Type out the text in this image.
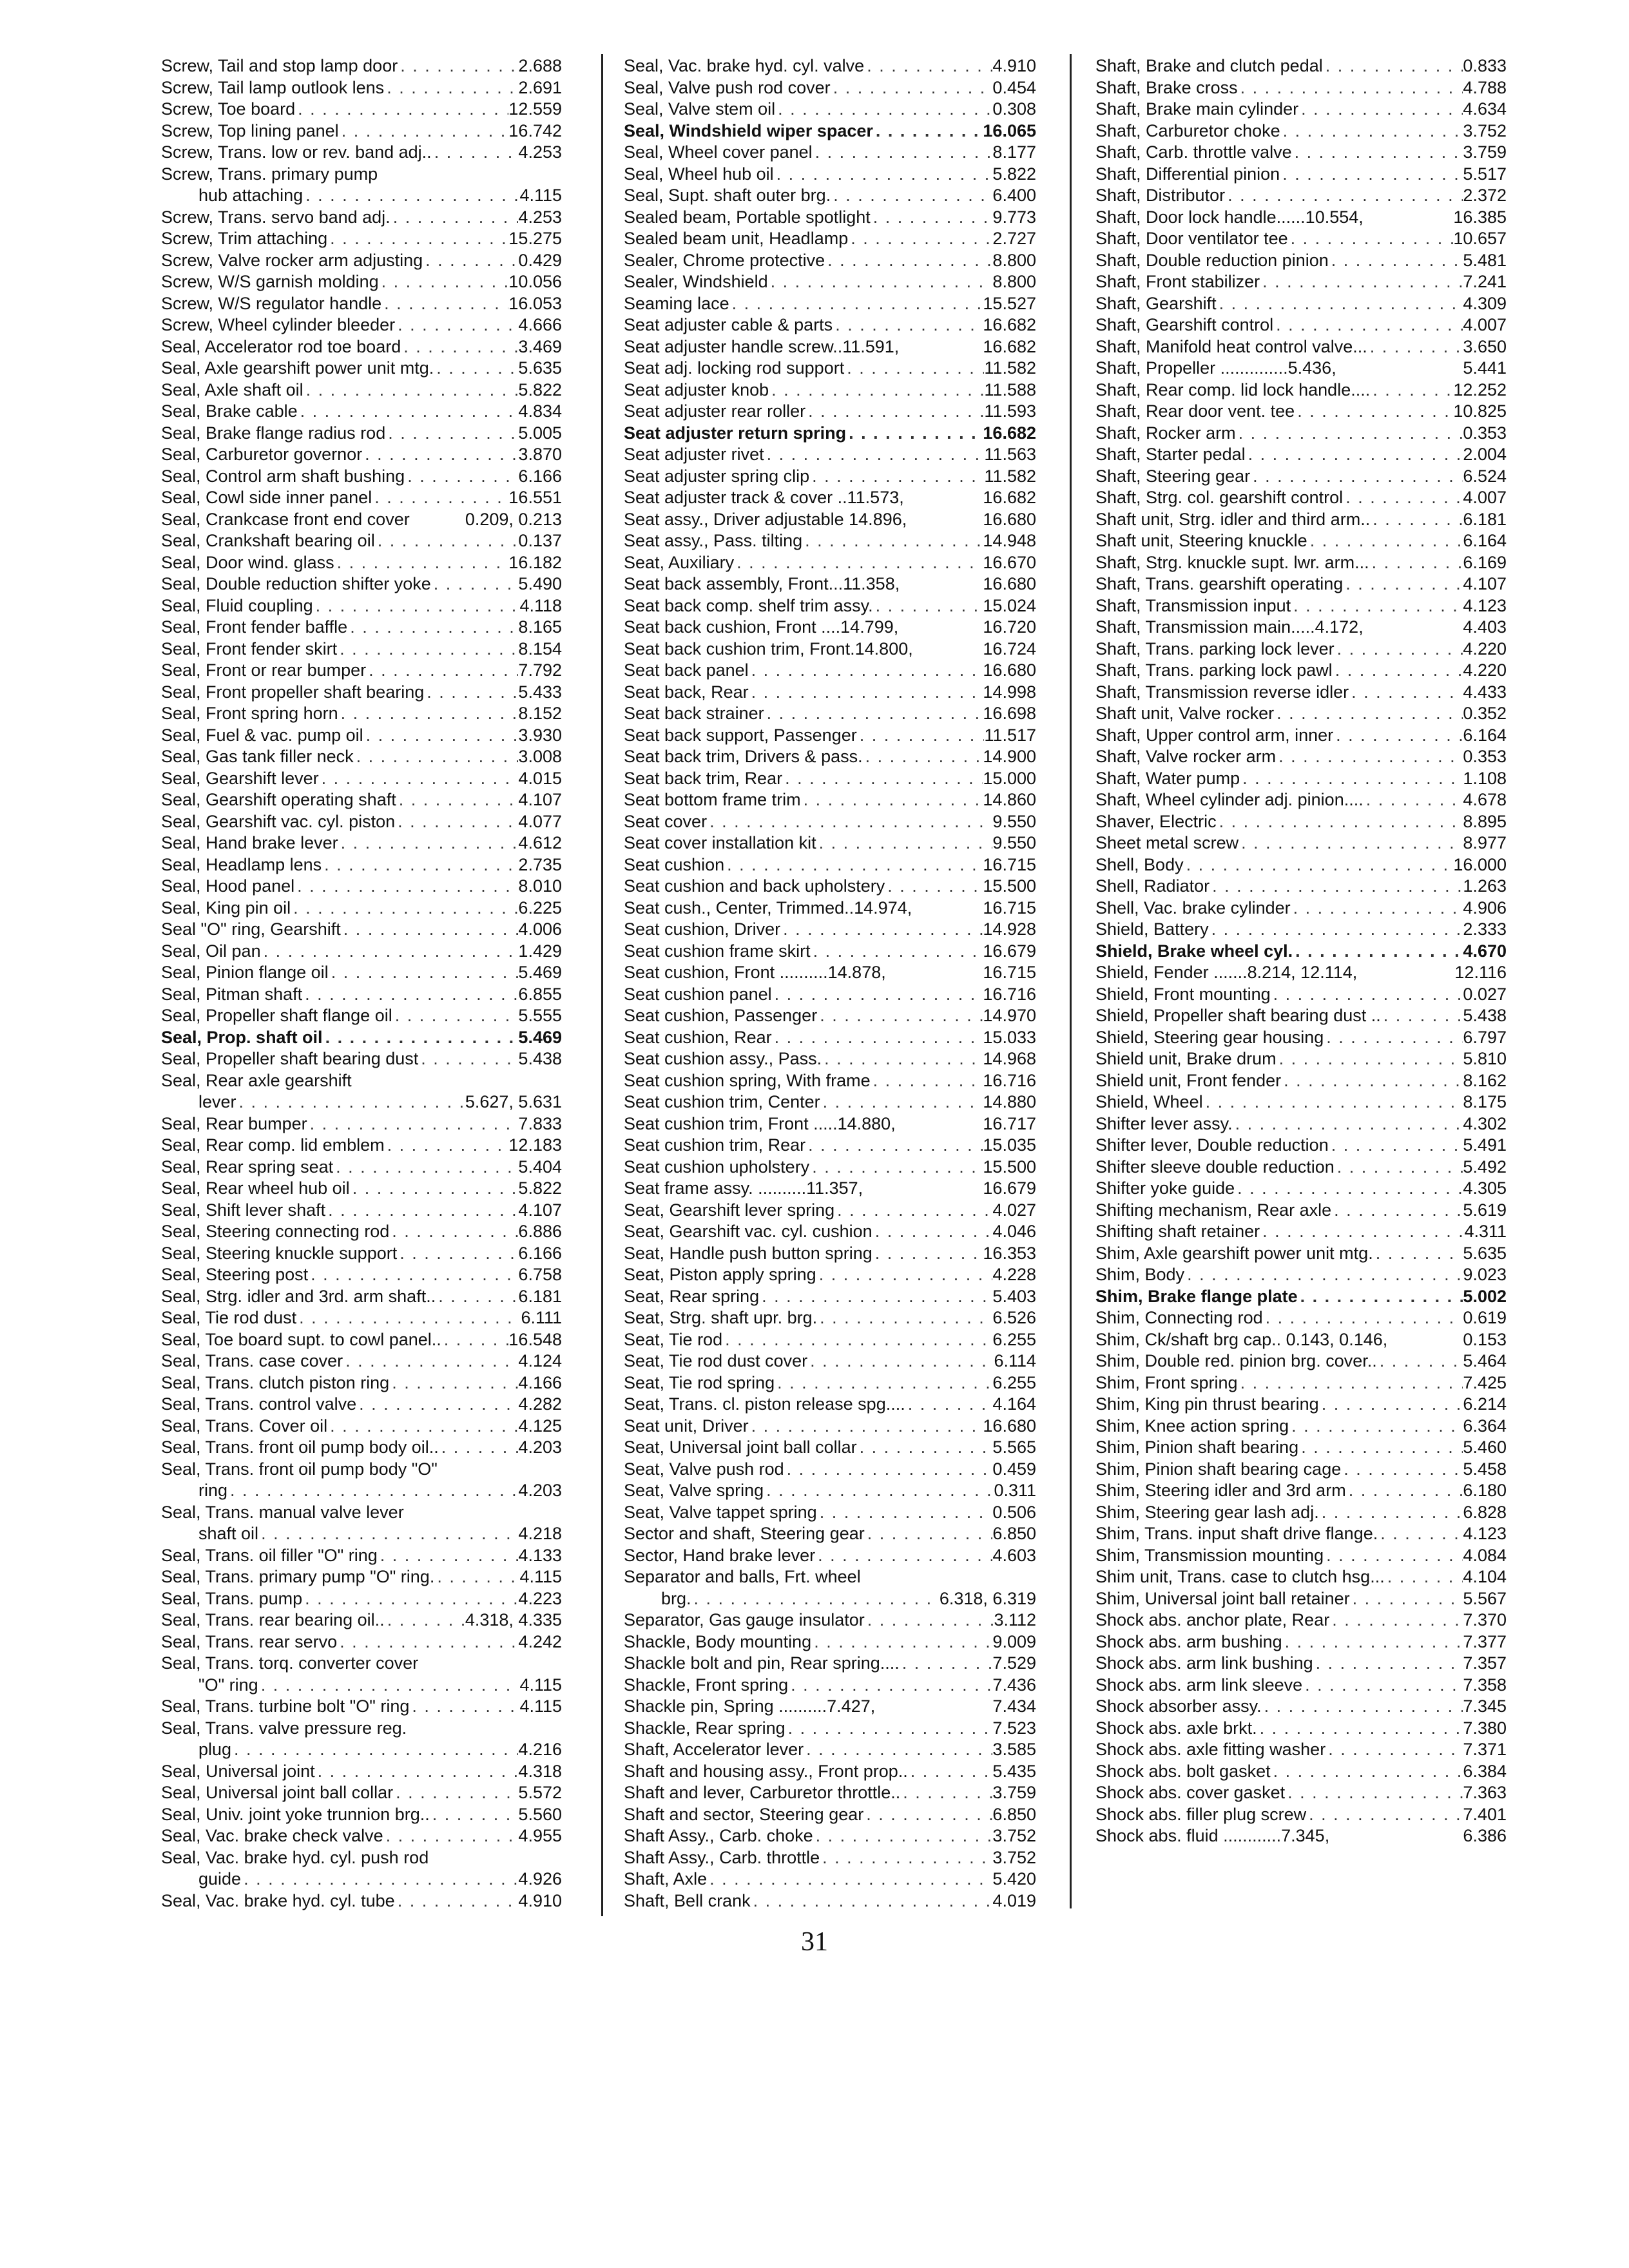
Screw, Tail and stop lamp door . . .	2.688
Screw, Tail lamp outlook lens . . .	2.691
Screw, Toe board . . .	12.559
Screw, Top lining panel . . .	16.742
Screw, Trans. low or rev. band adj.. . . .	4.253
Screw, Trans. primary pump
hub attaching . . .	4.115
Screw, Trans. servo band adj. . . .	4.253
Screw, Trim attaching . . .	15.275
Screw, Valve rocker arm adjusting . . .	0.429
Screw, W/S garnish molding . . .	10.056
Screw, W/S regulator handle . . .	16.053
Screw, Wheel cylinder bleeder . . .	4.666
Seal, Accelerator rod toe board . . .	3.469
Seal, Axle gearshift power unit mtg. . . .	5.635
Seal, Axle shaft oil . . .	5.822
Seal, Brake cable . . .	4.834
Seal, Brake flange radius rod . . .	5.005
Seal, Carburetor governor . . .	3.870
Seal, Control arm shaft bushing . . .	6.166
Seal, Cowl side inner panel . . .	16.551
Seal, Crankcase front end cover	0.209, 0.213
Seal, Crankshaft bearing oil . . .	0.137
Seal, Door wind. glass . . .	16.182
Seal, Double reduction shifter yoke . . .	5.490
Seal, Fluid coupling . . .	4.118
Seal, Front fender baffle . . .	8.165
Seal, Front fender skirt . . .	8.154
Seal, Front or rear bumper . . .	7.792
Seal, Front propeller shaft bearing . . .	5.433
Seal, Front spring horn . . .	8.152
Seal, Fuel & vac. pump oil . . .	3.930
Seal, Gas tank filler neck . . .	3.008
Seal, Gearshift lever . . .	4.015
Seal, Gearshift operating shaft . . .	4.107
Seal, Gearshift vac. cyl. piston . . .	4.077
Seal, Hand brake lever . . .	4.612
Seal, Headlamp lens . . .	2.735
Seal, Hood panel . . .	8.010
Seal, King pin oil . . .	6.225
Seal "O" ring, Gearshift . . .	4.006
Seal, Oil pan . . .	1.429
Seal, Pinion flange oil . . .	5.469
Seal, Pitman shaft . . .	6.855
Seal, Propeller shaft flange oil . . .	5.555
Seal, Prop. shaft oil . . .	5.469
Seal, Propeller shaft bearing dust . . .	5.438
Seal, Rear axle gearshift
lever . . .	5.627, 5.631
Seal, Rear bumper . . .	7.833
Seal, Rear comp. lid emblem . . .	12.183
Seal, Rear spring seat . . .	5.404
Seal, Rear wheel hub oil . . .	5.822
Seal, Shift lever shaft . . .	4.107
Seal, Steering connecting rod . . .	6.886
Seal, Steering knuckle support . . .	6.166
Seal, Steering post . . .	6.758
Seal, Strg. idler and 3rd. arm shaft.. . . .	6.181
Seal, Tie rod dust . . .	6.111
Seal, Toe board supt. to cowl panel.. . . .	16.548
Seal, Trans. case cover . . .	4.124
Seal, Trans. clutch piston ring . . .	4.166
Seal, Trans. control valve . . .	4.282
Seal, Trans. Cover oil . . .	4.125
Seal, Trans. front oil pump body oil.. . . .	4.203
Seal, Trans. front oil pump body "O"
ring . . .	4.203
Seal, Trans. manual valve lever
shaft oil . . .	4.218
Seal, Trans. oil filler "O" ring . . .	4.133
Seal, Trans. primary pump "O" ring. . . .	4.115
Seal, Trans. pump . . .	4.223
Seal, Trans. rear bearing oil.. . . .	4.318, 4.335
Seal, Trans. rear servo . . .	4.242
Seal, Trans. torq. converter cover
"O" ring . . .	4.115
Seal, Trans. turbine bolt "O" ring . . .	4.115
Seal, Trans. valve pressure reg.
plug . . .	4.216
Seal, Universal joint . . .	4.318
Seal, Universal joint ball collar . . .	5.572
Seal, Univ. joint yoke trunnion brg.. . . .	5.560
Seal, Vac. brake check valve . . .	4.955
Seal, Vac. brake hyd. cyl. push rod
guide . . .	4.926
Seal, Vac. brake hyd. cyl. tube . . .	4.910
Seal, Vac. brake hyd. cyl. valve . . .	4.910
Seal, Valve push rod cover . . .	0.454
Seal, Valve stem oil . . .	0.308
Seal, Windshield wiper spacer . . .	16.065
Seal, Wheel cover panel . . .	8.177
Seal, Wheel hub oil . . .	5.822
Seal, Supt. shaft outer brg. . . .	6.400
Sealed beam, Portable spotlight . . .	9.773
Sealed beam unit, Headlamp . . .	2.727
Sealer, Chrome protective . . .	8.800
Sealer, Windshield . . .	8.800
Seaming lace . . .	15.527
Seat adjuster cable & parts . . .	16.682
Seat adjuster handle screw..11.591,	16.682
Seat adj. locking rod support . . .	11.582
Seat adjuster knob . . .	11.588
Seat adjuster rear roller . . .	11.593
Seat adjuster return spring . . .	16.682
Seat adjuster rivet . . .	11.563
Seat adjuster spring clip . . .	11.582
Seat adjuster track & cover ..11.573,	16.682
Seat assy., Driver adjustable 14.896,	16.680
Seat assy., Pass. tilting . . .	14.948
Seat, Auxiliary . . .	16.670
Seat back assembly, Front...11.358,	16.680
Seat back comp. shelf trim assy. . . .	15.024
Seat back cushion, Front ....14.799,	16.720
Seat back cushion trim, Front.14.800,	16.724
Seat back panel . . .	16.680
Seat back, Rear . . .	14.998
Seat back strainer . . .	16.698
Seat back support, Passenger . . .	11.517
Seat back trim, Drivers & pass. . . .	14.900
Seat back trim, Rear . . .	15.000
Seat bottom frame trim . . .	14.860
Seat cover . . .	9.550
Seat cover installation kit . . .	9.550
Seat cushion . . .	16.715
Seat cushion and back upholstery . . .	15.500
Seat cush., Center, Trimmed..14.974,	16.715
Seat cushion, Driver . . .	14.928
Seat cushion frame skirt . . .	16.679
Seat cushion, Front ..........14.878,	16.715
Seat cushion panel . . .	16.716
Seat cushion, Passenger . . .	14.970
Seat cushion, Rear . . .	15.033
Seat cushion assy., Pass. . . .	14.968
Seat cushion spring, With frame . . .	16.716
Seat cushion trim, Center . . .	14.880
Seat cushion trim, Front .....14.880,	16.717
Seat cushion trim, Rear . . .	15.035
Seat cushion upholstery . . .	15.500
Seat frame assy. ..........11.357,	16.679
Seat, Gearshift lever spring . . .	4.027
Seat, Gearshift vac. cyl. cushion . . .	4.046
Seat, Handle push button spring . . .	16.353
Seat, Piston apply spring . . .	4.228
Seat, Rear spring . . .	5.403
Seat, Strg. shaft upr. brg. . . .	6.526
Seat, Tie rod . . .	6.255
Seat, Tie rod dust cover . . .	6.114
Seat, Tie rod spring . . .	6.255
Seat, Trans. cl. piston release spg.... . . .	4.164
Seat unit, Driver . . .	16.680
Seat, Universal joint ball collar . . .	5.565
Seat, Valve push rod . . .	0.459
Seat, Valve spring . . .	0.311
Seat, Valve tappet spring . . .	0.506
Sector and shaft, Steering gear . . .	6.850
Sector, Hand brake lever . . .	4.603
Separator and balls, Frt. wheel
brg. . . .	6.318, 6.319
Separator, Gas gauge insulator . . .	3.112
Shackle, Body mounting . . .	9.009
Shackle bolt and pin, Rear spring.... . . .	7.529
Shackle, Front spring . . .	7.436
Shackle pin, Spring ..........7.427,	7.434
Shackle, Rear spring . . .	7.523
Shaft, Accelerator lever . . .	3.585
Shaft and housing assy., Front prop.. . . .	5.435
Shaft and lever, Carburetor throttle.. . . .	3.759
Shaft and sector, Steering gear . . .	6.850
Shaft Assy., Carb. choke . . .	3.752
Shaft Assy., Carb. throttle . . .	3.752
Shaft, Axle . . .	5.420
Shaft, Bell crank . . .	4.019
Shaft, Brake and clutch pedal . . .	0.833
Shaft, Brake cross . . .	4.788
Shaft, Brake main cylinder . . .	4.634
Shaft, Carburetor choke . . .	3.752
Shaft, Carb. throttle valve . . .	3.759
Shaft, Differential pinion . . .	5.517
Shaft, Distributor . . .	2.372
Shaft, Door lock handle......10.554,	16.385
Shaft, Door ventilator tee . . .	10.657
Shaft, Double reduction pinion . . .	5.481
Shaft, Front stabilizer . . .	7.241
Shaft, Gearshift . . .	4.309
Shaft, Gearshift control . . .	4.007
Shaft, Manifold heat control valve... . . .	3.650
Shaft, Propeller ..............5.436,	5.441
Shaft, Rear comp. lid lock handle.... . . .	12.252
Shaft, Rear door vent. tee . . .	10.825
Shaft, Rocker arm . . .	0.353
Shaft, Starter pedal . . .	2.004
Shaft, Steering gear . . .	6.524
Shaft, Strg. col. gearshift control . . .	4.007
Shaft unit, Strg. idler and third arm.. . . .	6.181
Shaft unit, Steering knuckle . . .	6.164
Shaft, Strg. knuckle supt. lwr. arm... . . .	6.169
Shaft, Trans. gearshift operating . . .	4.107
Shaft, Transmission input . . .	4.123
Shaft, Transmission main.....4.172,	4.403
Shaft, Trans. parking lock lever . . .	4.220
Shaft, Trans. parking lock pawl . . .	4.220
Shaft, Transmission reverse idler . . .	4.433
Shaft unit, Valve rocker . . .	0.352
Shaft, Upper control arm, inner . . .	6.164
Shaft, Valve rocker arm . . .	0.353
Shaft, Water pump . . .	1.108
Shaft, Wheel cylinder adj. pinion.... . . .	4.678
Shaver, Electric . . .	8.895
Sheet metal screw . . .	8.977
Shell, Body . . .	16.000
Shell, Radiator . . .	1.263
Shell, Vac. brake cylinder . . .	4.906
Shield, Battery . . .	2.333
Shield, Brake wheel cyl. . . .	4.670
Shield, Fender .......8.214, 12.114,	12.116
Shield, Front mounting . . .	0.027
Shield, Propeller shaft bearing dust .. . . .	5.438
Shield, Steering gear housing . . .	6.797
Shield unit, Brake drum . . .	5.810
Shield unit, Front fender . . .	8.162
Shield, Wheel . . .	8.175
Shifter lever assy. . . .	4.302
Shifter lever, Double reduction . . .	5.491
Shifter sleeve double reduction . . .	5.492
Shifter yoke guide . . .	4.305
Shifting mechanism, Rear axle . . .	5.619
Shifting shaft retainer . . .	4.311
Shim, Axle gearshift power unit mtg. . . .	5.635
Shim, Body . . .	9.023
Shim, Brake flange plate . . .	5.002
Shim, Connecting rod . . .	0.619
Shim, Ck/shaft brg cap.. 0.143, 0.146,	0.153
Shim, Double red. pinion brg. cover.. . . .	5.464
Shim, Front spring . . .	7.425
Shim, King pin thrust bearing . . .	6.214
Shim, Knee action spring . . .	6.364
Shim, Pinion shaft bearing . . .	5.460
Shim, Pinion shaft bearing cage . . .	5.458
Shim, Steering idler and 3rd arm . . .	6.180
Shim, Steering gear lash adj. . . .	6.828
Shim, Trans. input shaft drive flange. . . .	4.123
Shim, Transmission mounting . . .	4.084
Shim unit, Trans. case to clutch hsg... . . .	4.104
Shim, Universal joint ball retainer . . .	5.567
Shock abs. anchor plate, Rear . . .	7.370
Shock abs. arm bushing . . .	7.377
Shock abs. arm link bushing . . .	7.357
Shock abs. arm link sleeve . . .	7.358
Shock absorber assy. . . .	7.345
Shock abs. axle brkt. . . .	7.380
Shock abs. axle fitting washer . . .	7.371
Shock abs. bolt gasket . . .	6.384
Shock abs. cover gasket . . .	7.363
Shock abs. filler plug screw . . .	7.401
Shock abs. fluid ............7.345,	6.386
31
